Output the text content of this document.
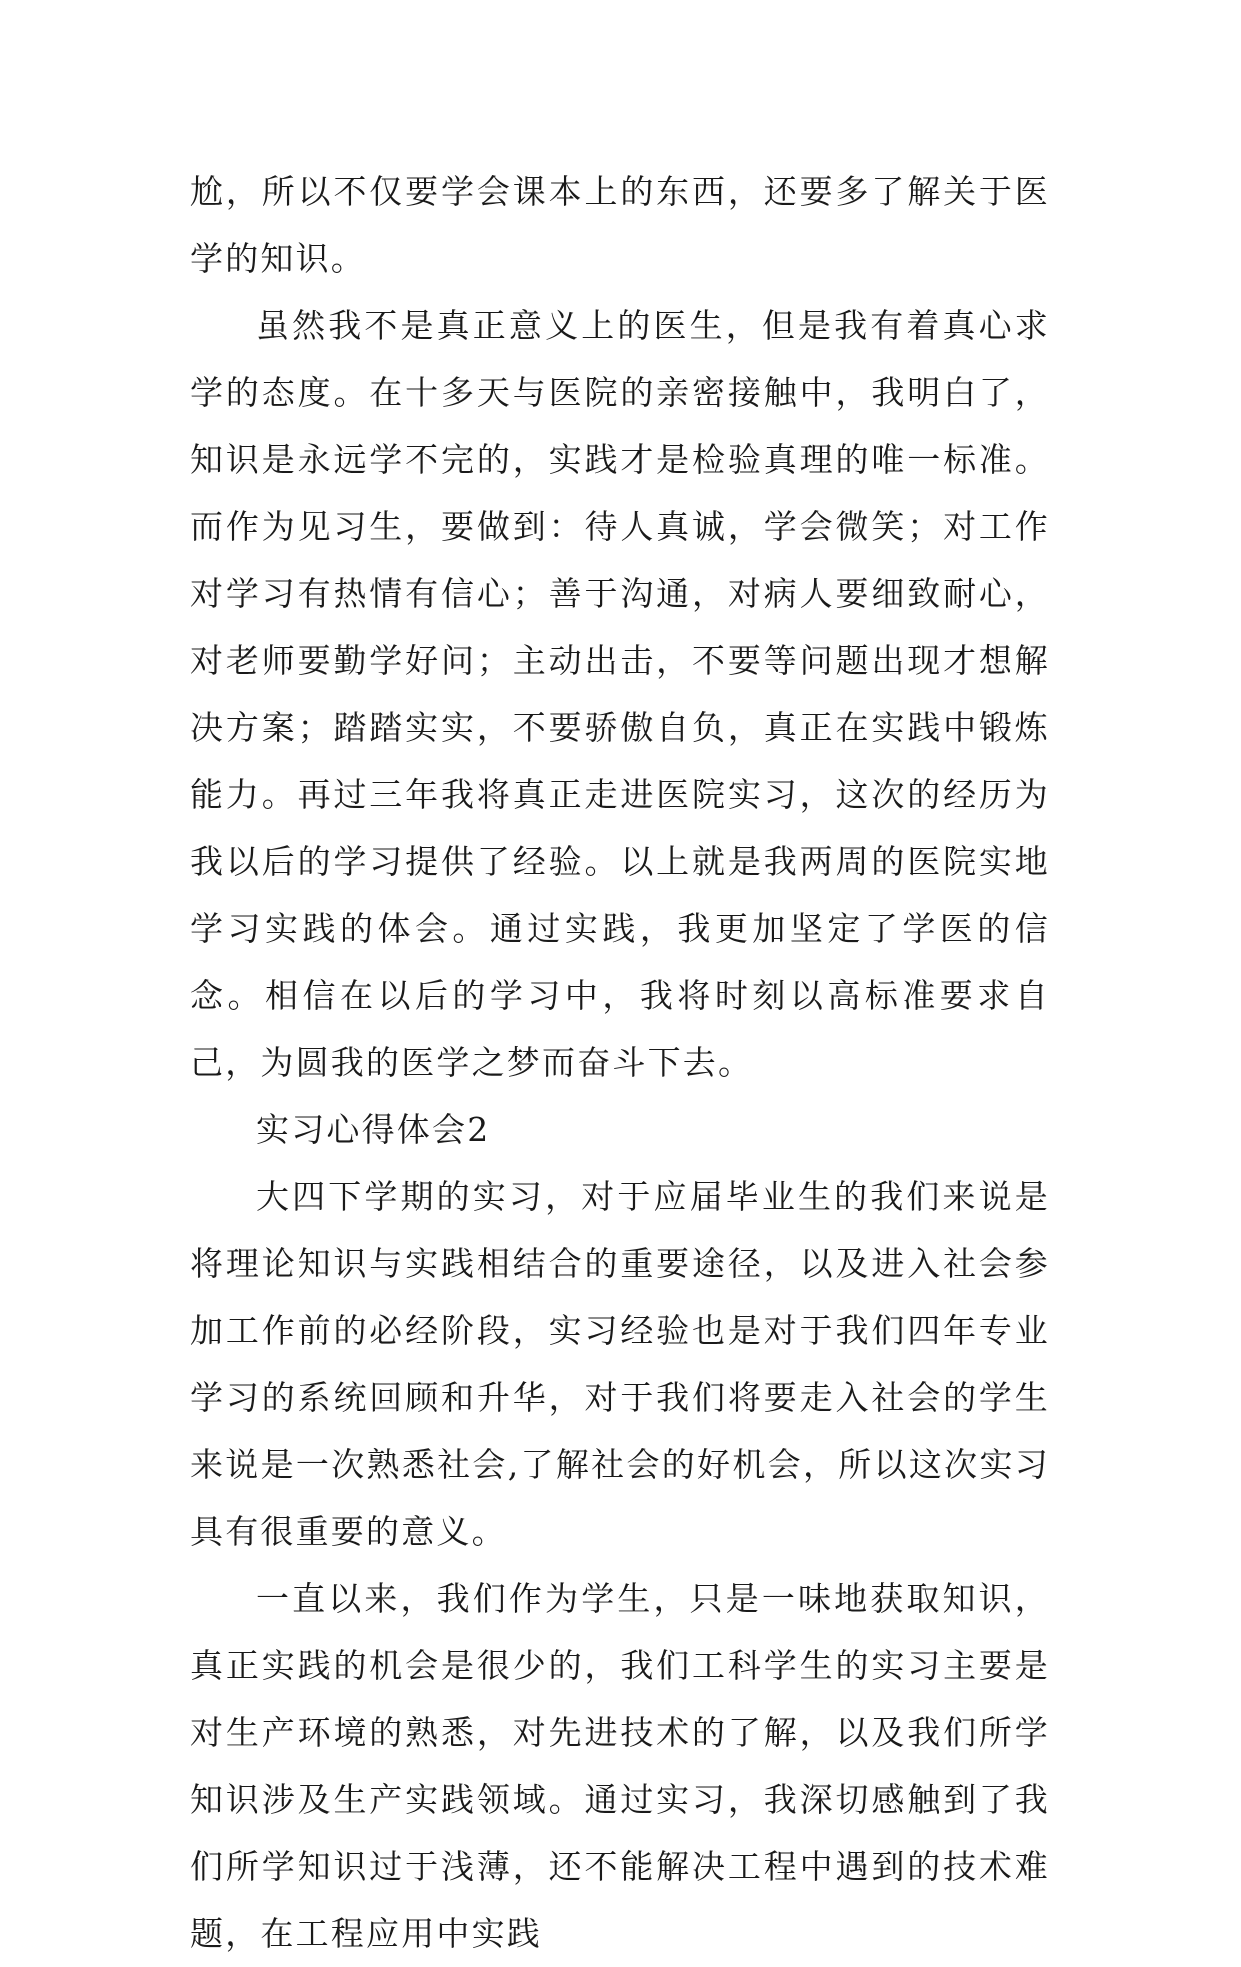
尬，所以不仅要学会课本上的东西，还要多了解关于医学的知识。

虽然我不是真正意义上的医生，但是我有着真心求学的态度。在十多天与医院的亲密接触中，我明白了，知识是永远学不完的，实践才是检验真理的唯一标准。而作为见习生，要做到：待人真诚，学会微笑；对工作对学习有热情有信心；善于沟通，对病人要细致耐心，对老师要勤学好问；主动出击，不要等问题出现才想解决方案；踏踏实实，不要骄傲自负，真正在实践中锻炼能力。再过三年我将真正走进医院实习，这次的经历为我以后的学习提供了经验。以上就是我两周的医院实地学习实践的体会。通过实践，我更加坚定了学医的信念。相信在以后的学习中，我将时刻以高标准要求自己，为圆我的医学之梦而奋斗下去。

实习心得体会2

大四下学期的实习，对于应届毕业生的我们来说是将理论知识与实践相结合的重要途径，以及进入社会参加工作前的必经阶段，实习经验也是对于我们四年专业学习的系统回顾和升华，对于我们将要走入社会的学生来说是一次熟悉社会,了解社会的好机会，所以这次实习具有很重要的意义。

一直以来，我们作为学生，只是一味地获取知识，真正实践的机会是很少的，我们工科学生的实习主要是对生产环境的熟悉，对先进技术的了解，以及我们所学知识涉及生产实践领域。通过实习，我深切感触到了我们所学知识过于浅薄，还不能解决工程中遇到的技术难题，在工程应用中实践
